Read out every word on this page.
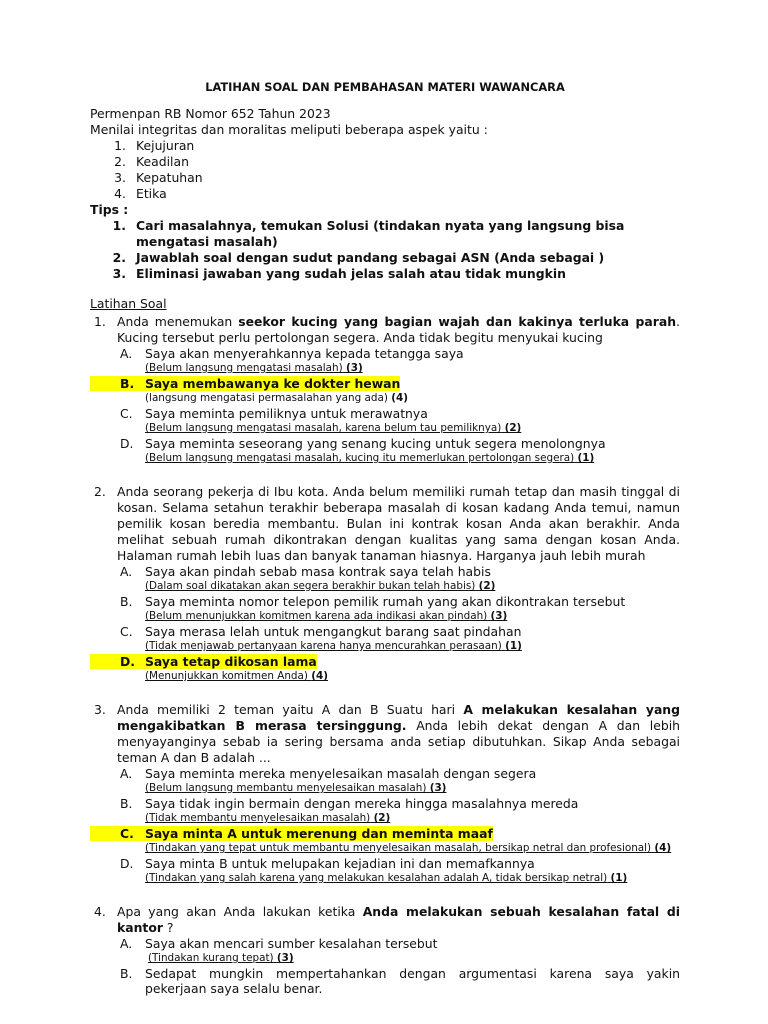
LATIHAN SOAL DAN PEMBAHASAN MATERI WAWANCARA
Permenpan RB Nomor 652 Tahun 2023
Menilai integritas dan moralitas meliputi beberapa aspek yaitu :
1. Kejujuran
2. Keadilan
3. Kepatuhan
4. Etika
Tips :
1. Cari masalahnya, temukan Solusi (tindakan nyata yang langsung bisa mengatasi masalah)
2. Jawablah soal dengan sudut pandang sebagai ASN (Anda sebagai )
3. Eliminasi jawaban yang sudah jelas salah atau tidak mungkin
Latihan Soal
1. Anda menemukan seekor kucing yang bagian wajah dan kakinya terluka parah. Kucing tersebut perlu pertolongan segera. Anda tidak begitu menyukai kucing
A.	Saya akan menyerahkannya kepada tetangga saya
(Belum langsung mengatasi masalah) (3)
B. Saya membawanya ke dokter hewan
(langsung mengatasi permasalahan yang ada) (4)
C.	Saya meminta pemiliknya untuk merawatnya
(Belum langsung mengatasi masalah, karena belum tau pemiliknya) (2)
D. Saya meminta seseorang yang senang kucing untuk segera menolongnya
(Belum langsung mengatasi masalah, kucing itu memerlukan pertolongan segera) (1)
2. Anda seorang pekerja di Ibu kota. Anda belum memiliki rumah tetap dan masih tinggal di kosan. Selama setahun terakhir beberapa masalah di kosan kadang Anda temui, namun pemilik kosan beredia membantu. Bulan ini kontrak kosan Anda akan berakhir. Anda melihat sebuah rumah dikontrakan dengan kualitas yang sama dengan kosan Anda. Halaman rumah lebih luas dan banyak tanaman hiasnya. Harganya jauh lebih murah
A.	Saya akan pindah sebab masa kontrak saya telah habis
(Dalam soal dikatakan akan segera berakhir bukan telah habis) (2)
B.	Saya meminta nomor telepon pemilik rumah yang akan dikontrakan tersebut
(Belum menunjukkan komitmen karena ada indikasi akan pindah) (3)
C.	Saya merasa lelah untuk mengangkut barang saat pindahan
(Tidak menjawab pertanyaan karena hanya mencurahkan perasaan) (1)
D. Saya tetap dikosan lama
(Menunjukkan komitmen Anda) (4)
3. Anda memiliki 2 teman yaitu A dan B Suatu hari A melakukan kesalahan yang mengakibatkan B merasa tersinggung. Anda lebih dekat dengan A dan lebih menyayanginya sebab ia sering bersama anda setiap dibutuhkan. Sikap Anda sebagai teman A dan B adalah ...
A.	Saya meminta mereka menyelesaikan masalah dengan segera
(Belum langsung membantu menyelesaikan masalah) (3)
B.	Saya tidak ingin bermain dengan mereka hingga masalahnya mereda
(Tidak membantu menyelesaikan masalah) (2)
C. Saya minta A untuk merenung dan meminta maaf
(Tindakan yang tepat untuk membantu menyelesaikan masalah, bersikap netral dan profesional) (4)
D. Saya minta B untuk melupakan kejadian ini dan memafkannya
(Tindakan yang salah karena yang melakukan kesalahan adalah A, tidak bersikap netral) (1)
4. Apa yang akan Anda lakukan ketika Anda melakukan sebuah kesalahan fatal di kantor ?
A.	Saya akan mencari sumber kesalahan tersebut
(Tindakan kurang tepat) (3)
B.	Sedapat mungkin mempertahankan dengan argumentasi karena saya yakin pekerjaan saya selalu benar.
